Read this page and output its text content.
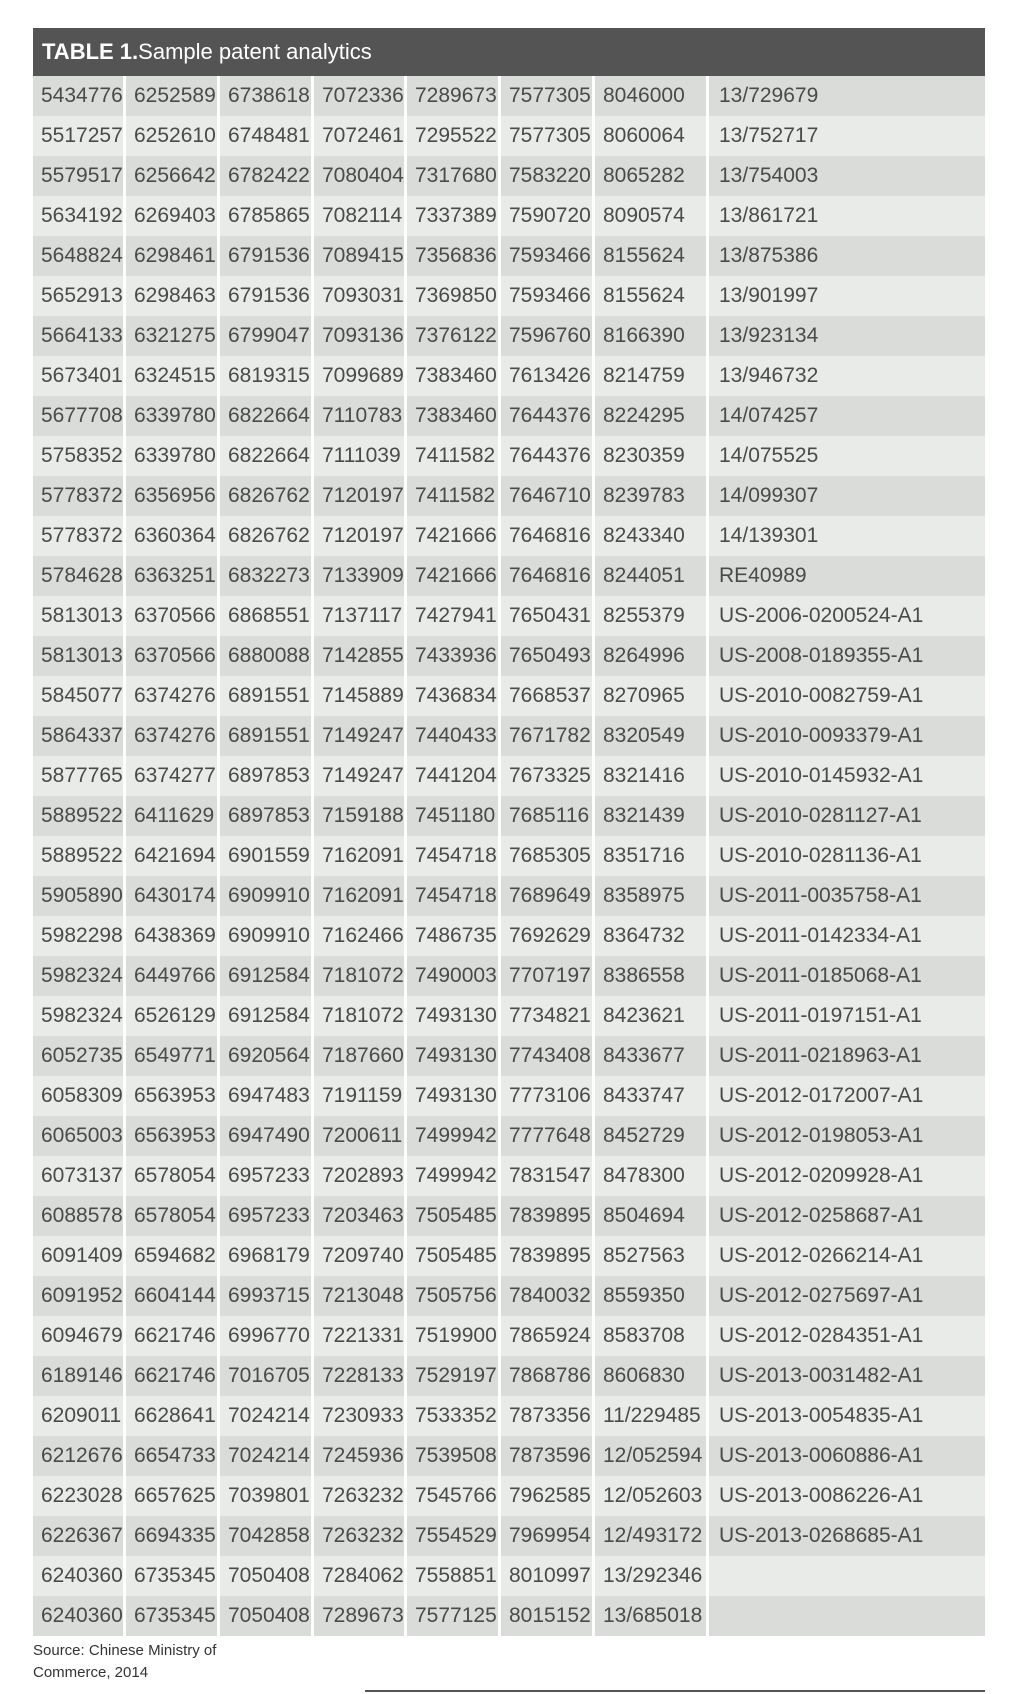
TABLE 1. Sample patent analytics
5434776	6252589	6738618	7072336	7289673	7577305	8046000	13/729679
5517257	6252610	6748481	7072461	7295522	7577305	8060064	13/752717
5579517	6256642	6782422	7080404	7317680	7583220	8065282	13/754003
5634192	6269403	6785865	7082114	7337389	7590720	8090574	13/861721
5648824	6298461	6791536	7089415	7356836	7593466	8155624	13/875386
5652913	6298463	6791536	7093031	7369850	7593466	8155624	13/901997
5664133	6321275	6799047	7093136	7376122	7596760	8166390	13/923134
5673401	6324515	6819315	7099689	7383460	7613426	8214759	13/946732
5677708	6339780	6822664	7110783	7383460	7644376	8224295	14/074257
5758352	6339780	6822664	7111039	7411582	7644376	8230359	14/075525
5778372	6356956	6826762	7120197	7411582	7646710	8239783	14/099307
5778372	6360364	6826762	7120197	7421666	7646816	8243340	14/139301
5784628	6363251	6832273	7133909	7421666	7646816	8244051	RE40989
5813013	6370566	6868551	7137117	7427941	7650431	8255379	US-2006-0200524-A1
5813013	6370566	6880088	7142855	7433936	7650493	8264996	US-2008-0189355-A1
5845077	6374276	6891551	7145889	7436834	7668537	8270965	US-2010-0082759-A1
5864337	6374276	6891551	7149247	7440433	7671782	8320549	US-2010-0093379-A1
5877765	6374277	6897853	7149247	7441204	7673325	8321416	US-2010-0145932-A1
5889522	6411629	6897853	7159188	7451180	7685116	8321439	US-2010-0281127-A1
5889522	6421694	6901559	7162091	7454718	7685305	8351716	US-2010-0281136-A1
5905890	6430174	6909910	7162091	7454718	7689649	8358975	US-2011-0035758-A1
5982298	6438369	6909910	7162466	7486735	7692629	8364732	US-2011-0142334-A1
5982324	6449766	6912584	7181072	7490003	7707197	8386558	US-2011-0185068-A1
5982324	6526129	6912584	7181072	7493130	7734821	8423621	US-2011-0197151-A1
6052735	6549771	6920564	7187660	7493130	7743408	8433677	US-2011-0218963-A1
6058309	6563953	6947483	7191159	7493130	7773106	8433747	US-2012-0172007-A1
6065003	6563953	6947490	7200611	7499942	7777648	8452729	US-2012-0198053-A1
6073137	6578054	6957233	7202893	7499942	7831547	8478300	US-2012-0209928-A1
6088578	6578054	6957233	7203463	7505485	7839895	8504694	US-2012-0258687-A1
6091409	6594682	6968179	7209740	7505485	7839895	8527563	US-2012-0266214-A1
6091952	6604144	6993715	7213048	7505756	7840032	8559350	US-2012-0275697-A1
6094679	6621746	6996770	7221331	7519900	7865924	8583708	US-2012-0284351-A1
6189146	6621746	7016705	7228133	7529197	7868786	8606830	US-2013-0031482-A1
6209011	6628641	7024214	7230933	7533352	7873356	11/229485	US-2013-0054835-A1
6212676	6654733	7024214	7245936	7539508	7873596	12/052594	US-2013-0060886-A1
6223028	6657625	7039801	7263232	7545766	7962585	12/052603	US-2013-0086226-A1
6226367	6694335	7042858	7263232	7554529	7969954	12/493172	US-2013-0268685-A1
6240360	6735345	7050408	7284062	7558851	8010997	13/292346	
6240360	6735345	7050408	7289673	7577125	8015152	13/685018	
Source: Chinese Ministry of
Commerce, 2014
